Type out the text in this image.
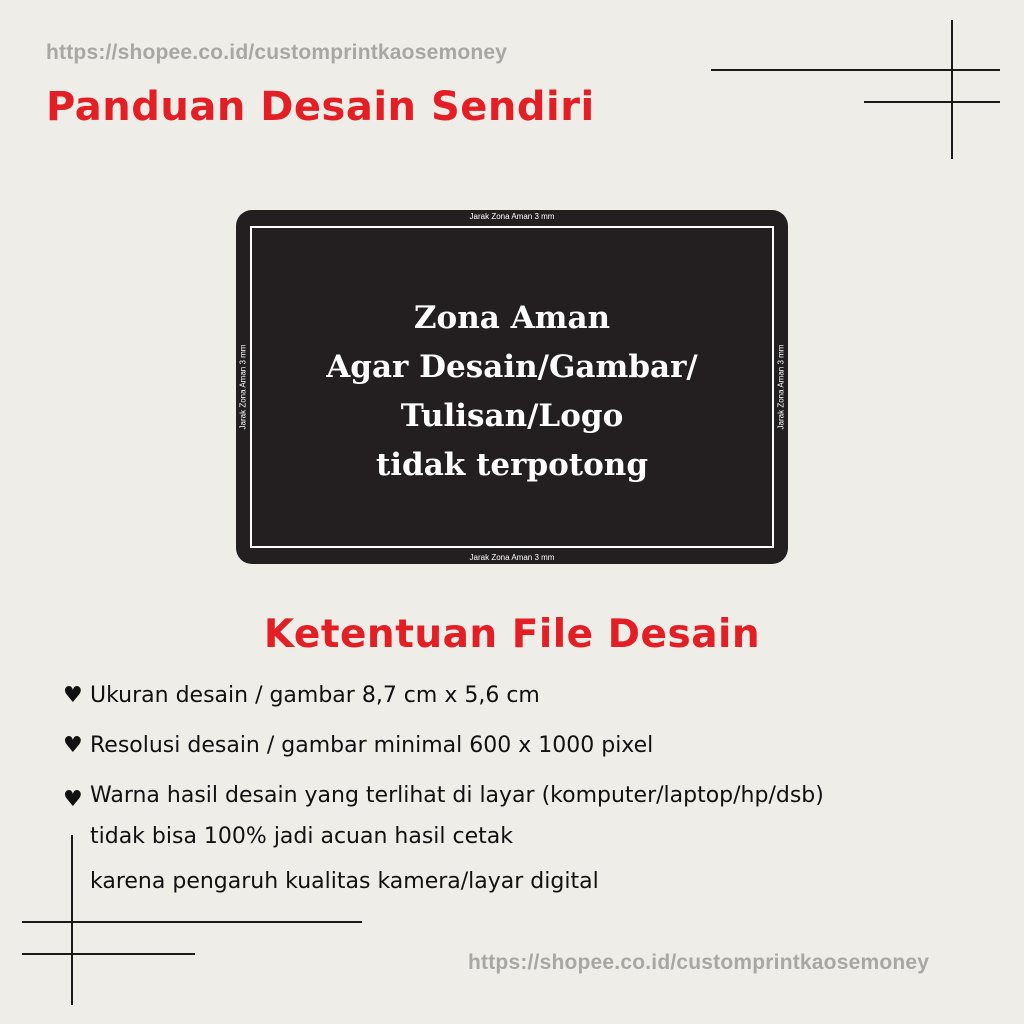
https://shopee.co.id/customprintkaosemoney
Panduan Desain Sendiri
Jarak Zona Aman 3 mm
Jarak Zona Aman 3 mm
Jarak Zona Aman 3 mm	Jarak Zona Aman 3 mm
Zona Aman
Agar Desain/Gambar/
Tulisan/Logo
tidak terpotong
Ketentuan File Desain
♥ Ukuran desain / gambar 8,7 cm x 5,6 cm
♥ Resolusi desain / gambar minimal 600 x 1000 pixel
♥ Warna hasil desain yang terlihat di layar (komputer/laptop/hp/dsb)
tidak bisa 100% jadi acuan hasil cetak
karena pengaruh kualitas kamera/layar digital
https://shopee.co.id/customprintkaosemoney
